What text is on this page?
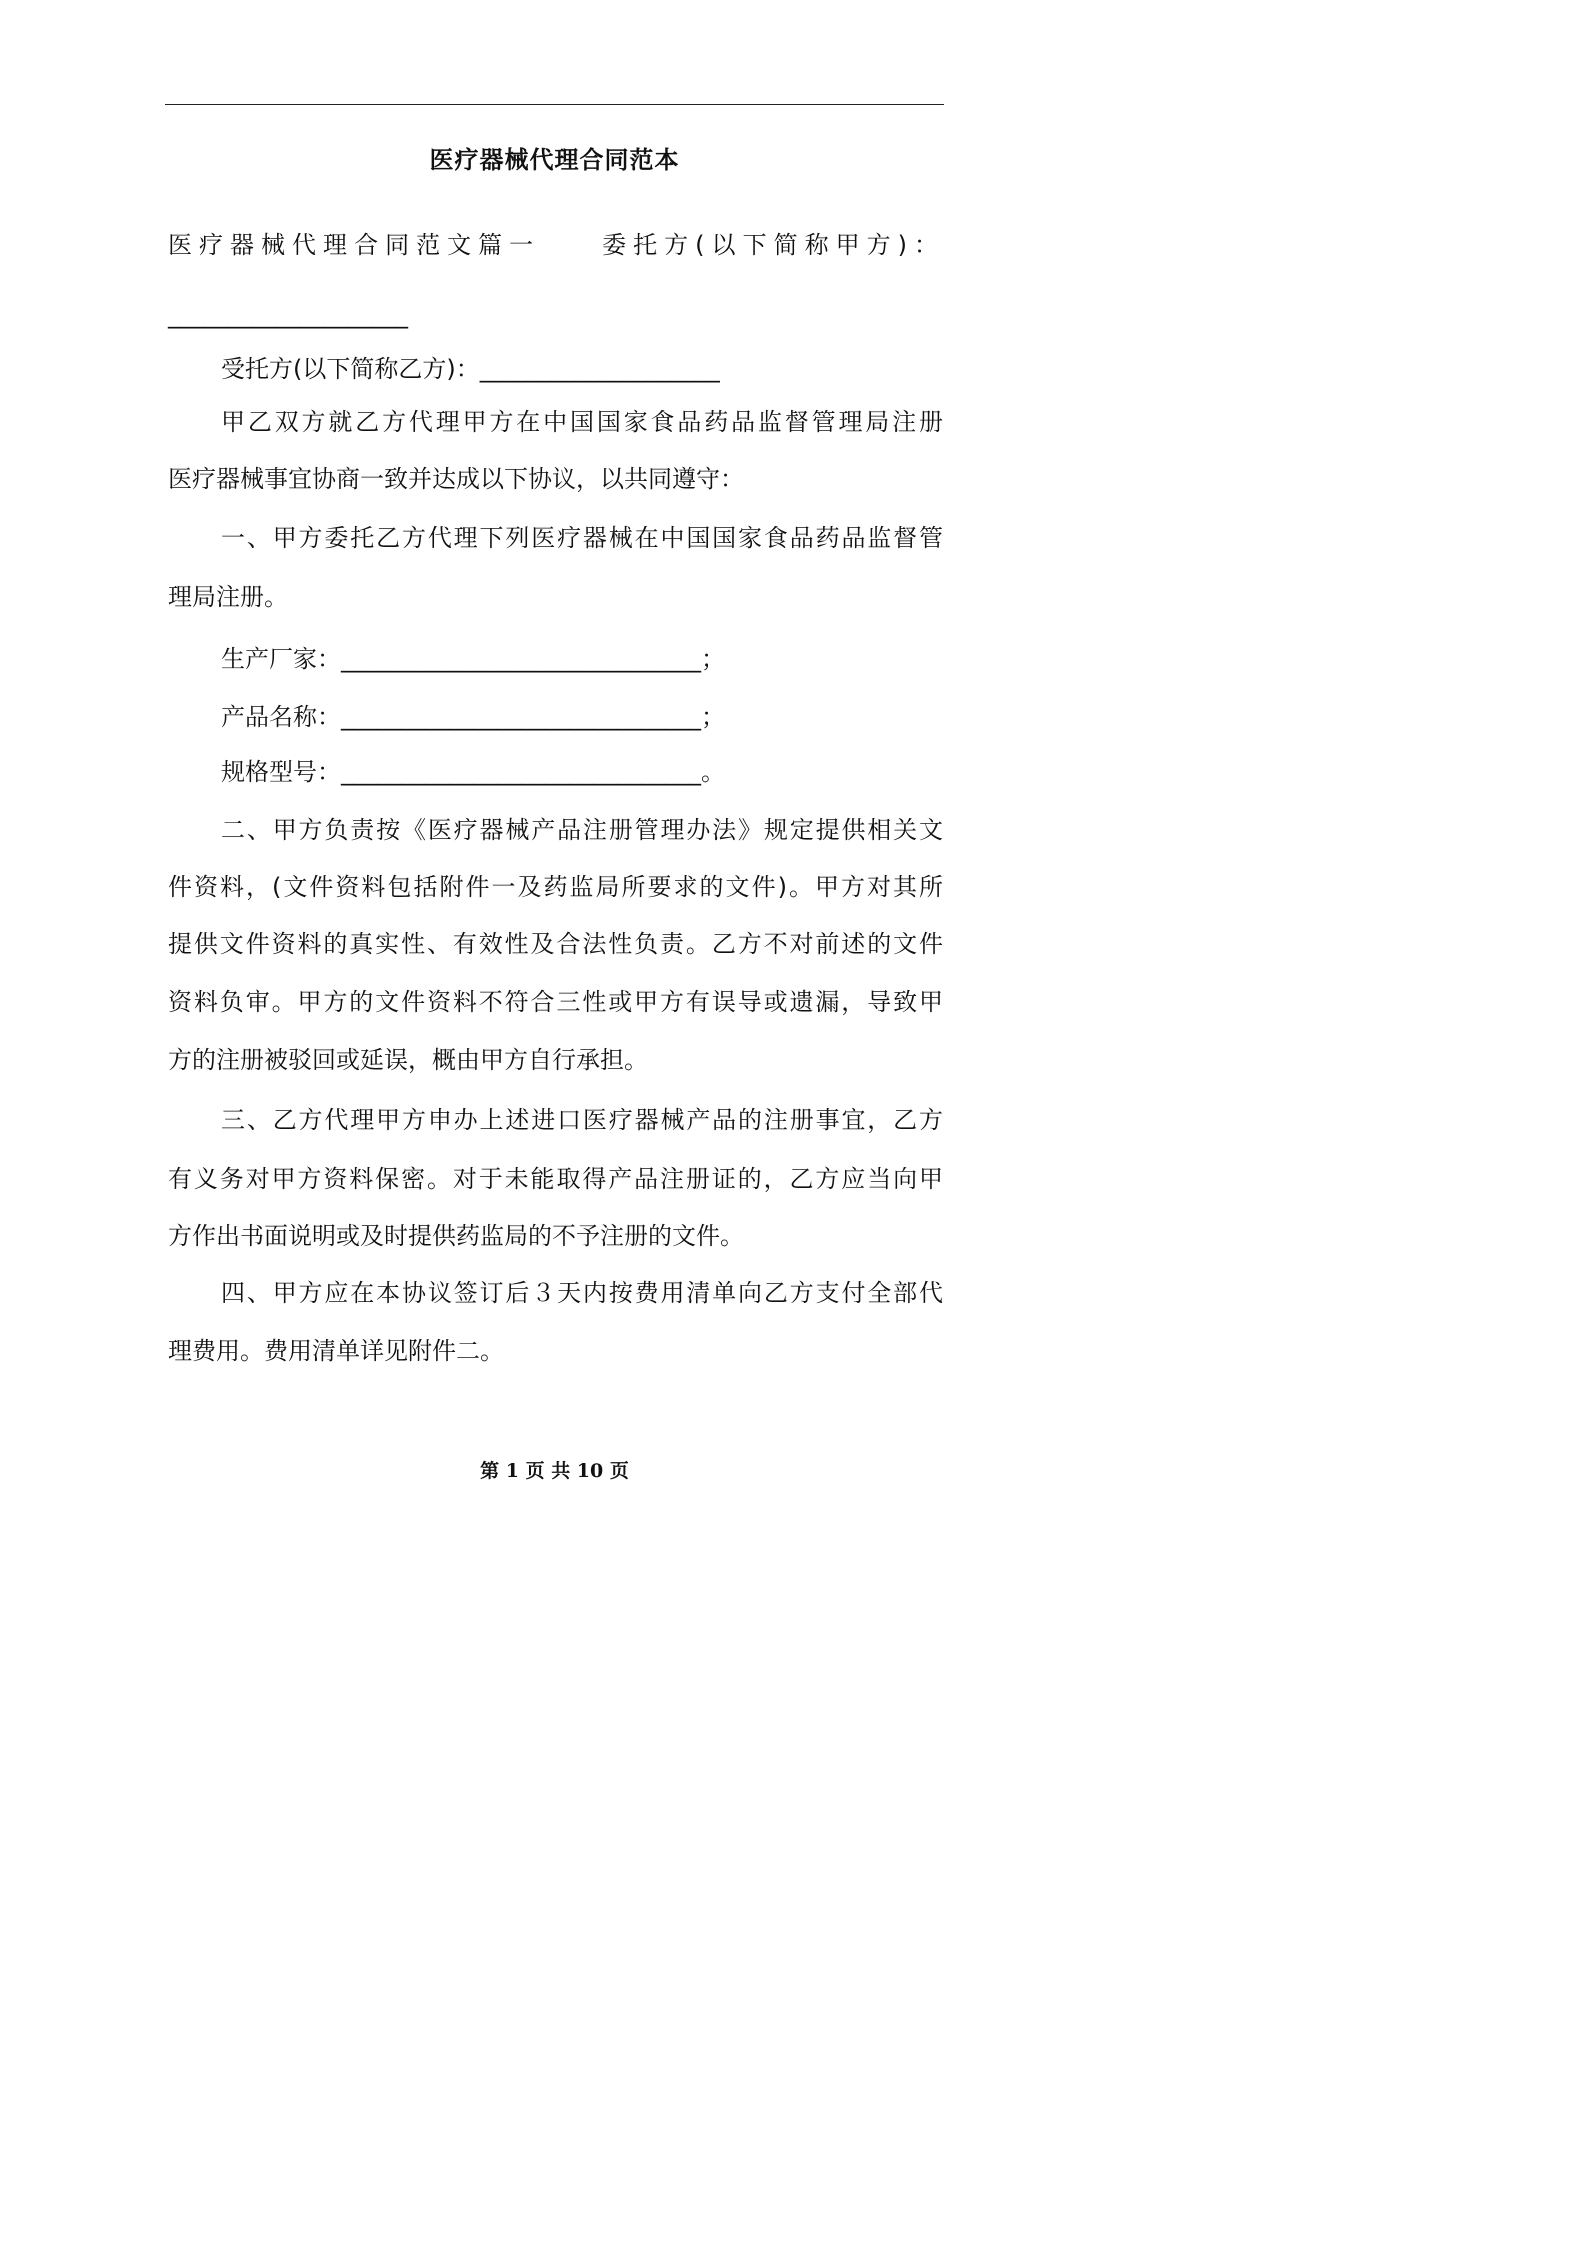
医疗器械代理合同范本
医疗器械代理合同范文篇一　　委托方(以下简称甲方)：
____________________
受托方(以下简称乙方)：____________________
甲乙双方就乙方代理甲方在中国国家食品药品监督管理局注册
医疗器械事宜协商一致并达成以下协议，以共同遵守：
一、甲方委托乙方代理下列医疗器械在中国国家食品药品监督管
理局注册。
生产厂家：______________________________；
产品名称：______________________________；
规格型号：______________________________。
二、甲方负责按《医疗器械产品注册管理办法》规定提供相关文
件资料，(文件资料包括附件一及药监局所要求的文件)。甲方对其所
提供文件资料的真实性、有效性及合法性负责。乙方不对前述的文件
资料负审。甲方的文件资料不符合三性或甲方有误导或遗漏，导致甲
方的注册被驳回或延误，概由甲方自行承担。
三、乙方代理甲方申办上述进口医疗器械产品的注册事宜，乙方
有义务对甲方资料保密。对于未能取得产品注册证的，乙方应当向甲
方作出书面说明或及时提供药监局的不予注册的文件。
四、甲方应在本协议签订后３天内按费用清单向乙方支付全部代
理费用。费用清单详见附件二。
第 1 页 共 10 页
